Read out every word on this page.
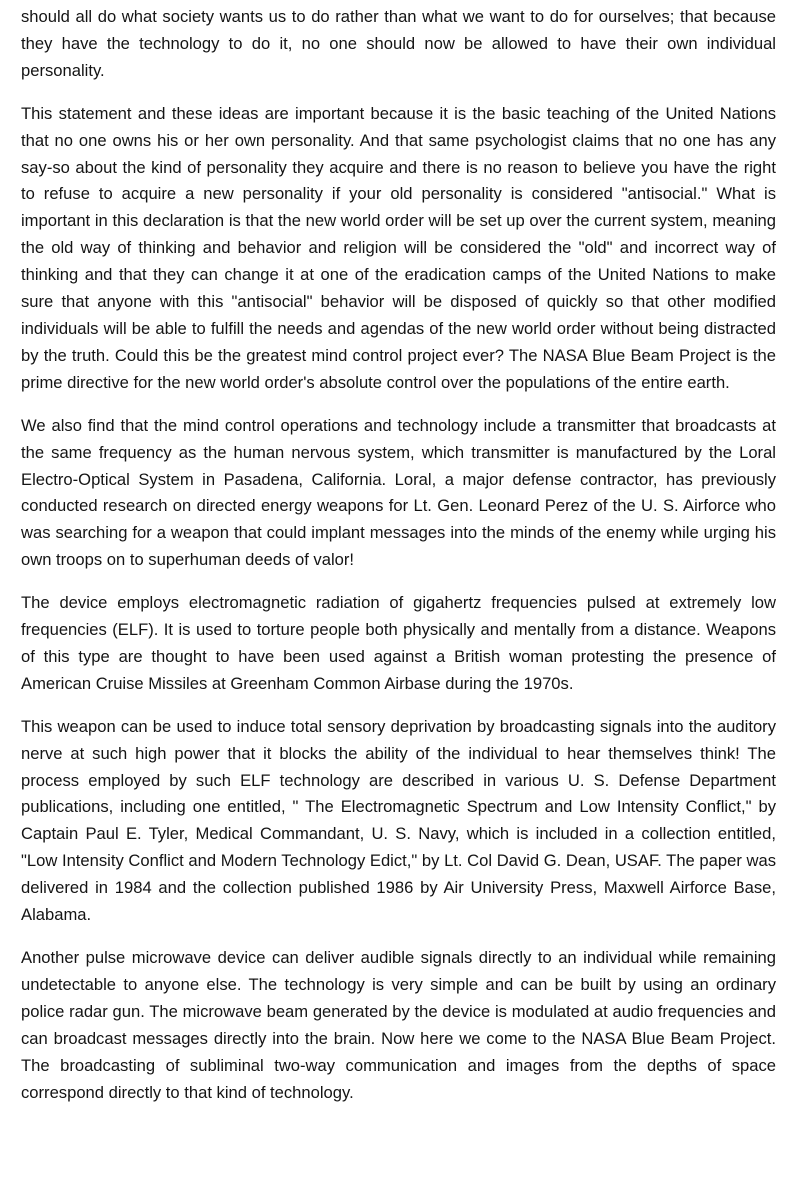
should all do what society wants us to do rather than what we want to do for ourselves; that because they have the technology to do it, no one should now be allowed to have their own individual personality.

This statement and these ideas are important because it is the basic teaching of the United Nations that no one owns his or her own personality. And that same psychologist claims that no one has any say-so about the kind of personality they acquire and there is no reason to believe you have the right to refuse to acquire a new personality if your old personality is considered "antisocial." What is important in this declaration is that the new world order will be set up over the current system, meaning the old way of thinking and behavior and religion will be considered the "old" and incorrect way of thinking and that they can change it at one of the eradication camps of the United Nations to make sure that anyone with this "antisocial" behavior will be disposed of quickly so that other modified individuals will be able to fulfill the needs and agendas of the new world order without being distracted by the truth. Could this be the greatest mind control project ever? The NASA Blue Beam Project is the prime directive for the new world order's absolute control over the populations of the entire earth.

We also find that the mind control operations and technology include a transmitter that broadcasts at the same frequency as the human nervous system, which transmitter is manufactured by the Loral Electro-Optical System in Pasadena, California. Loral, a major defense contractor, has previously conducted research on directed energy weapons for Lt. Gen. Leonard Perez of the U. S. Airforce who was searching for a weapon that could implant messages into the minds of the enemy while urging his own troops on to superhuman deeds of valor!

The device employs electromagnetic radiation of gigahertz frequencies pulsed at extremely low frequencies (ELF). It is used to torture people both physically and mentally from a distance. Weapons of this type are thought to have been used against a British woman protesting the presence of American Cruise Missiles at Greenham Common Airbase during the 1970s.

This weapon can be used to induce total sensory deprivation by broadcasting signals into the auditory nerve at such high power that it blocks the ability of the individual to hear themselves think! The process employed by such ELF technology are described in various U. S. Defense Department publications, including one entitled, " The Electromagnetic Spectrum and Low Intensity Conflict," by Captain Paul E. Tyler, Medical Commandant, U. S. Navy, which is included in a collection entitled, "Low Intensity Conflict and Modern Technology Edict," by Lt. Col David G. Dean, USAF. The paper was delivered in 1984 and the collection published 1986 by Air University Press, Maxwell Airforce Base, Alabama.

Another pulse microwave device can deliver audible signals directly to an individual while remaining undetectable to anyone else. The technology is very simple and can be built by using an ordinary police radar gun. The microwave beam generated by the device is modulated at audio frequencies and can broadcast messages directly into the brain. Now here we come to the NASA Blue Beam Project. The broadcasting of subliminal two-way communication and images from the depths of space correspond directly to that kind of technology.
